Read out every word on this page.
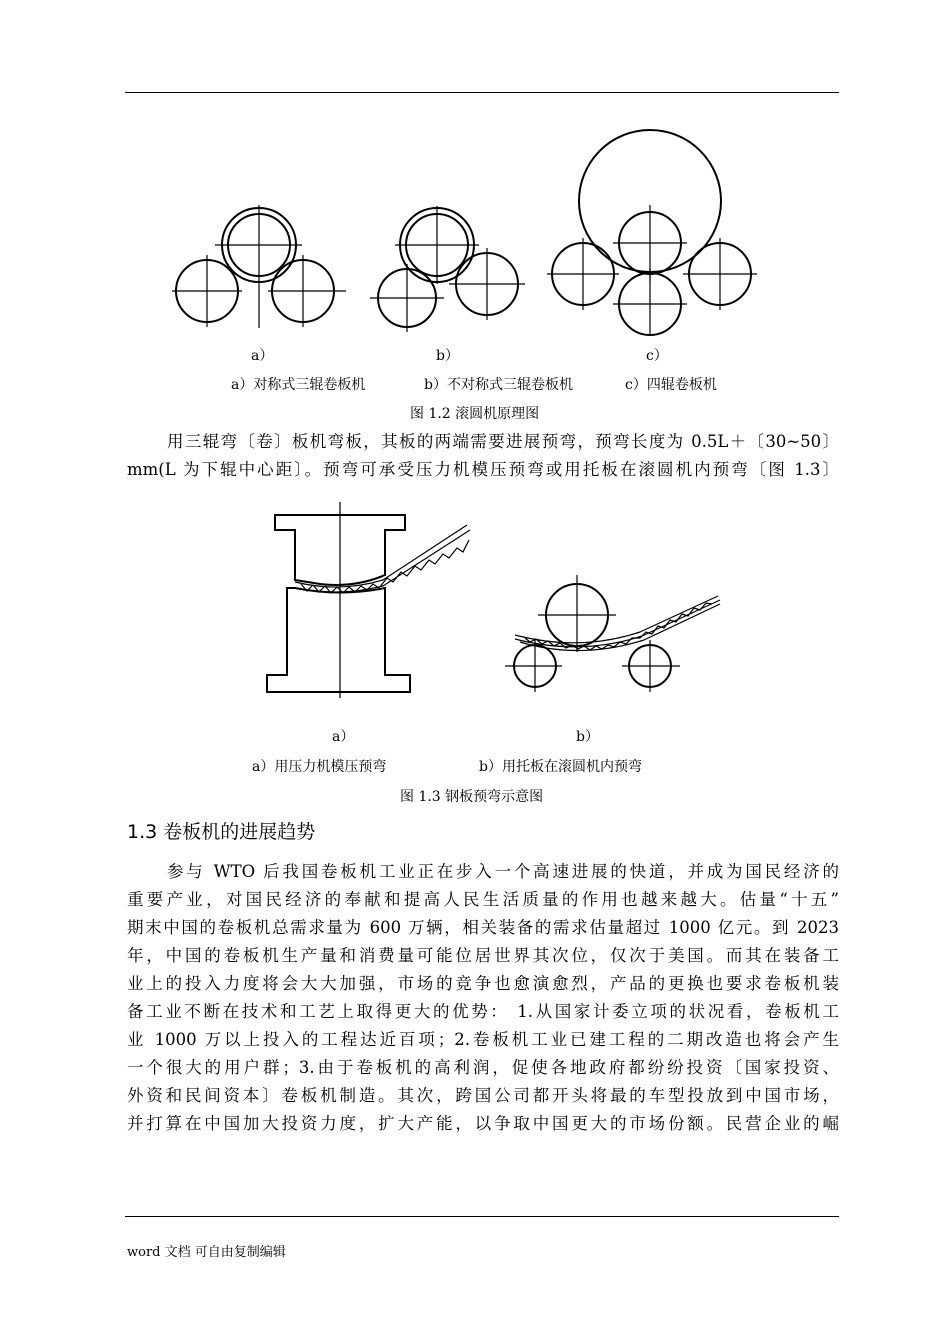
a）	b）	c）
a）对称式三辊卷板机	b）不对称式三辊卷板机	c）四辊卷板机
图 1.2 滚圆机原理图
用三辊弯〔卷〕板机弯板，其板的两端需要进展预弯，预弯长度为 0.5L＋〔30~50〕
mm(L 为下辊中心距〕。预弯可承受压力机模压预弯或用托板在滚圆机内预弯〔图 1.3〕
a）	b）
a）用压力机模压预弯	b）用托板在滚圆机内预弯
图 1.3 钢板预弯示意图
1.3 卷板机的进展趋势
参与 WTO 后我国卷板机工业正在步入一个高速进展的快道，并成为国民经济的
重要产业，对国民经济的奉献和提高人民生活质量的作用也越来越大。估量“十五”
期末中国的卷板机总需求量为 600 万辆，相关装备的需求估量超过 1000 亿元。到 2023
年，中国的卷板机生产量和消费量可能位居世界其次位，仅次于美国。而其在装备工
业上的投入力度将会大大加强，市场的竞争也愈演愈烈，产品的更换也要求卷板机装
备工业不断在技术和工艺上取得更大的优势： 1.从国家计委立项的状况看，卷板机工
业 1000 万以上投入的工程达近百项；2.卷板机工业已建工程的二期改造也将会产生
一个很大的用户群；3.由于卷板机的高利润，促使各地政府都纷纷投资〔国家投资、
外资和民间资本〕卷板机制造。其次，跨国公司都开头将最的车型投放到中国市场，
并打算在中国加大投资力度，扩大产能，以争取中国更大的市场份额。民营企业的崛
word 文档 可自由复制编辑
